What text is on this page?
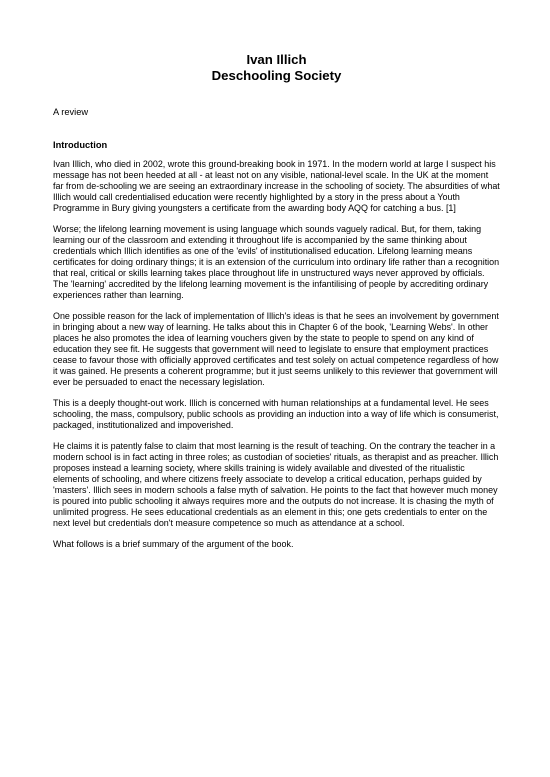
Ivan Illich

Deschooling Society

A review

Introduction

Ivan Illich, who died in 2002, wrote this ground-breaking book in 1971. In the modern world at large I suspect his message has not been heeded at all - at least not on any visible, national-level scale. In the UK at the moment far from de-schooling we are seeing an extraordinary increase in the schooling of society. The absurdities of what Illich would call credentialised education were recently highlighted by a story in the press about a Youth Programme in Bury giving youngsters a certificate from the awarding body AQQ for catching a bus. [1]

Worse; the lifelong learning movement is using language which sounds vaguely radical. But, for them, taking learning our of the classroom and extending it throughout life is accompanied by the same thinking about credentials which Illich identifies as one of the 'evils' of institutionalised education. Lifelong learning means certificates for doing ordinary things; it is an extension of the curriculum into ordinary life rather than a recognition that real, critical or skills learning takes place throughout life in unstructured ways never approved by officials. The 'learning' accredited by the lifelong learning movement is the infantilising of people by accrediting ordinary experiences rather than learning.

One possible reason for the lack of implementation of Illich's ideas is that he sees an involvement by government in bringing about a new way of learning. He talks about this in Chapter 6 of the book, 'Learning Webs'. In other places he also promotes the idea of learning vouchers given by the state to people to spend on any kind of education they see fit. He suggests that government will need to legislate to ensure that employment practices cease to favour those with officially approved certificates and test solely on actual competence regardless of how it was gained. He presents a coherent programme; but it just seems unlikely to this reviewer that government will ever be persuaded to enact the necessary legislation.

This is a deeply thought-out work. Illich is concerned with human relationships at a fundamental level. He sees schooling, the mass, compulsory, public schools as providing an induction into a way of life which is consumerist, packaged, institutionalized and impoverished.

He claims it is patently false to claim that most learning is the result of teaching. On the contrary the teacher in a modern school is in fact acting in three roles; as custodian of societies' rituals, as therapist and as preacher. Illich proposes instead a learning society, where skills training is widely available and divested of the ritualistic elements of schooling, and where citizens freely associate to develop a critical education, perhaps guided by 'masters'. Illich sees in modern schools a false myth of salvation. He points to the fact that however much money is poured into public schooling it always requires more and the outputs do not increase. It is chasing the myth of unlimited progress. He sees educational credentials as an element in this; one gets credentials to enter on the next level but credentials don't measure competence so much as attendance at a school.

What follows is a brief summary of the argument of the book.
